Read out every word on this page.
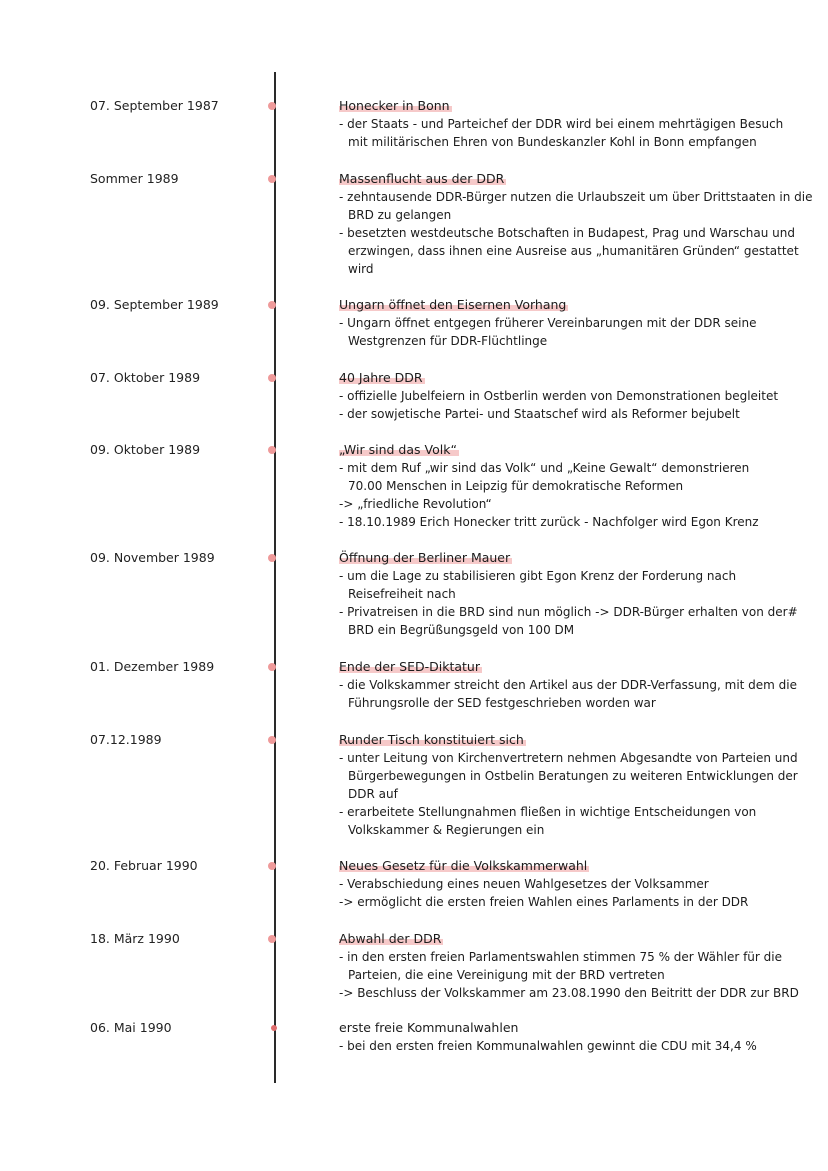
07. September 1987	Honecker in Bonn
- der Staats - und Parteichef der DDR wird bei einem mehrtägigen Besuch
mit militärischen Ehren von Bundeskanzler Kohl in Bonn empfangen
Sommer 1989	Massenflucht aus der DDR
- zehntausende DDR-Bürger nutzen die Urlaubszeit um über Drittstaaten in die
BRD zu gelangen
- besetzten westdeutsche Botschaften in Budapest, Prag und Warschau und
erzwingen, dass ihnen eine Ausreise aus „humanitären Gründen“ gestattet
wird
09. September 1989	Ungarn öffnet den Eisernen Vorhang
- Ungarn öffnet entgegen früherer Vereinbarungen mit der DDR seine
Westgrenzen für DDR-Flüchtlinge
07. Oktober 1989	40 Jahre DDR
- offizielle Jubelfeiern in Ostberlin werden von Demonstrationen begleitet
- der sowjetische Partei- und Staatschef wird als Reformer bejubelt
09. Oktober 1989	„Wir sind das Volk“
- mit dem Ruf „wir sind das Volk“ und „Keine Gewalt“ demonstrieren
70.00 Menschen in Leipzig für demokratische Reformen
-> „friedliche Revolution“
- 18.10.1989 Erich Honecker tritt zurück - Nachfolger wird Egon Krenz
09. November 1989	Öffnung der Berliner Mauer
- um die Lage zu stabilisieren gibt Egon Krenz der Forderung nach
Reisefreiheit nach
- Privatreisen in die BRD sind nun möglich -> DDR-Bürger erhalten von der#
BRD ein Begrüßungsgeld von 100 DM
01. Dezember 1989	Ende der SED-Diktatur
- die Volkskammer streicht den Artikel aus der DDR-Verfassung, mit dem die
Führungsrolle der SED festgeschrieben worden war
07.12.1989	Runder Tisch konstituiert sich
- unter Leitung von Kirchenvertretern nehmen Abgesandte von Parteien und
Bürgerbewegungen in Ostbelin Beratungen zu weiteren Entwicklungen der
DDR auf
- erarbeitete Stellungnahmen fließen in wichtige Entscheidungen von
Volkskammer & Regierungen ein
20. Februar 1990	Neues Gesetz für die Volkskammerwahl
- Verabschiedung eines neuen Wahlgesetzes der Volksammer
-> ermöglicht die ersten freien Wahlen eines Parlaments in der DDR
18. März 1990	Abwahl der DDR
- in den ersten freien Parlamentswahlen stimmen 75 % der Wähler für die
Parteien, die eine Vereinigung mit der BRD vertreten
-> Beschluss der Volkskammer am 23.08.1990 den Beitritt der DDR zur BRD
06. Mai 1990	erste freie Kommunalwahlen
- bei den ersten freien Kommunalwahlen gewinnt die CDU mit 34,4 %
